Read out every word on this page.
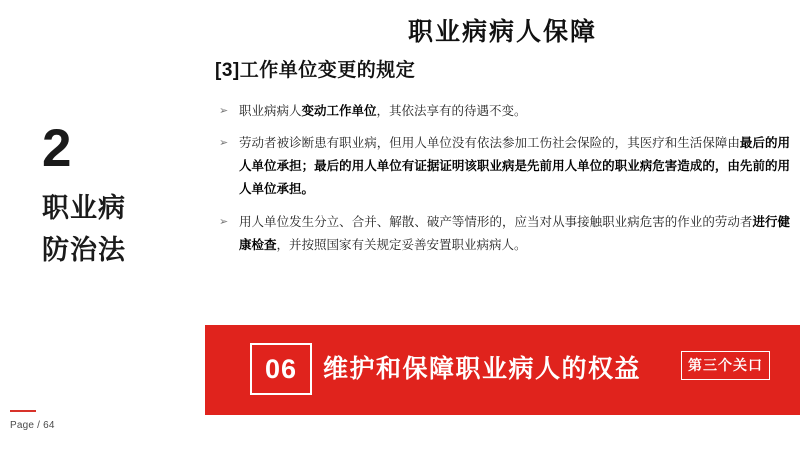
2
职业病
防治法
Page / 64
职业病病人保障
[3]工作单位变更的规定
➢ 职业病病人变动工作单位，其依法享有的待遇不变。
➢ 劳动者被诊断患有职业病，但用人单位没有依法参加工伤社会保险的，其医疗和生活保障由最后的用人单位承担；最后的用人单位有证据证明该职业病是先前用人单位的职业病危害造成的，由先前的用人单位承担。
➢ 用人单位发生分立、合并、解散、破产等情形的，应当对从事接触职业病危害的作业的劳动者进行健康检查，并按照国家有关规定妥善安置职业病病人。
06	维护和保障职业病人的权益	第三个关口
